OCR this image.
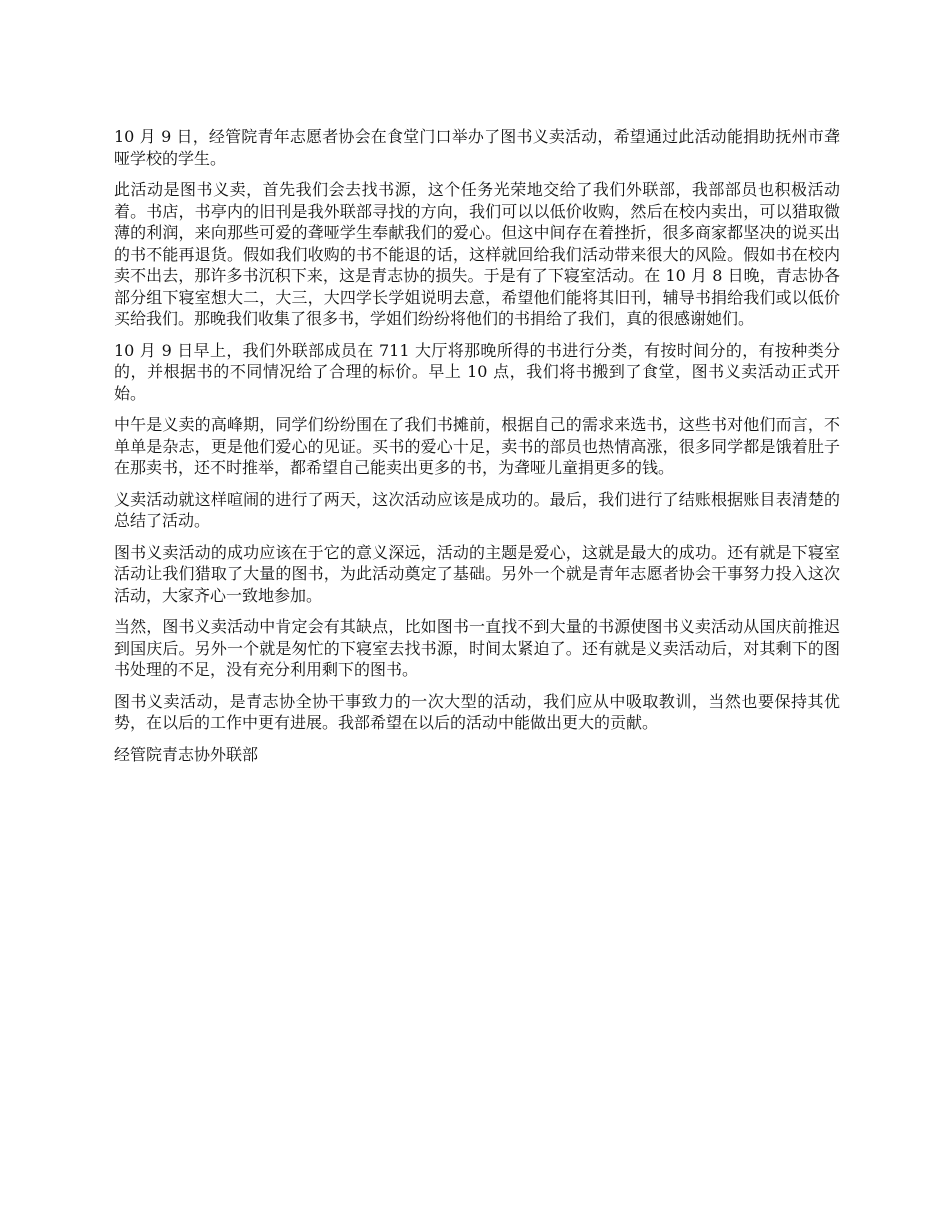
10 月 9 日，经管院青年志愿者协会在食堂门口举办了图书义卖活动，希望通过此活动能捐助抚州市聋哑学校的学生。

此活动是图书义卖，首先我们会去找书源，这个任务光荣地交给了我们外联部，我部部员也积极活动着。书店，书亭内的旧刊是我外联部寻找的方向，我们可以以低价收购，然后在校内卖出，可以猎取微薄的利润，来向那些可爱的聋哑学生奉献我们的爱心。但这中间存在着挫折，很多商家都坚决的说买出的书不能再退货。假如我们收购的书不能退的话，这样就回给我们活动带来很大的风险。假如书在校内卖不出去，那许多书沉积下来，这是青志协的损失。于是有了下寝室活动。在 10 月 8 日晚，青志协各部分组下寝室想大二，大三，大四学长学姐说明去意，希望他们能将其旧刊，辅导书捐给我们或以低价买给我们。那晚我们收集了很多书，学姐们纷纷将他们的书捐给了我们，真的很感谢她们。

10 月 9 日早上，我们外联部成员在 711 大厅将那晚所得的书进行分类，有按时间分的，有按种类分的，并根据书的不同情况给了合理的标价。早上 10 点，我们将书搬到了食堂，图书义卖活动正式开始。

中午是义卖的高峰期，同学们纷纷围在了我们书摊前，根据自己的需求来选书，这些书对他们而言，不单单是杂志，更是他们爱心的见证。买书的爱心十足，卖书的部员也热情高涨，很多同学都是饿着肚子在那卖书，还不时推举，都希望自己能卖出更多的书，为聋哑儿童捐更多的钱。

义卖活动就这样喧闹的进行了两天，这次活动应该是成功的。最后，我们进行了结账根据账目表清楚的总结了活动。

图书义卖活动的成功应该在于它的意义深远，活动的主题是爱心，这就是最大的成功。还有就是下寝室活动让我们猎取了大量的图书，为此活动奠定了基础。另外一个就是青年志愿者协会干事努力投入这次活动，大家齐心一致地参加。

当然，图书义卖活动中肯定会有其缺点，比如图书一直找不到大量的书源使图书义卖活动从国庆前推迟到国庆后。另外一个就是匆忙的下寝室去找书源，时间太紧迫了。还有就是义卖活动后，对其剩下的图书处理的不足，没有充分利用剩下的图书。

图书义卖活动，是青志协全协干事致力的一次大型的活动，我们应从中吸取教训，当然也要保持其优势，在以后的工作中更有进展。我部希望在以后的活动中能做出更大的贡献。

经管院青志协外联部
